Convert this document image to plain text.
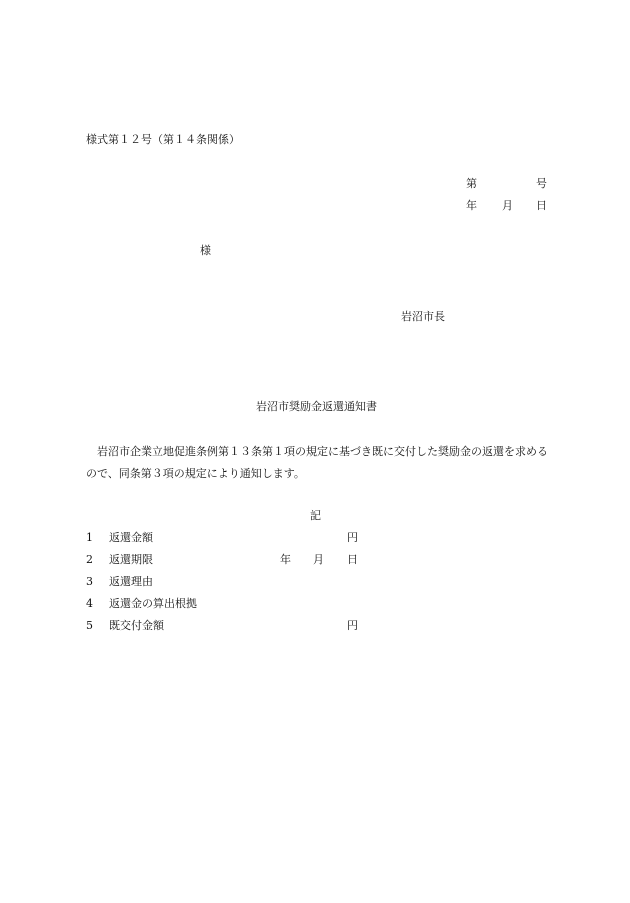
様式第１２号（第１４条関係）
第	号
年 月 日
様
岩沼市長
岩沼市奨励金返還通知書
岩沼市企業立地促進条例第１３条第１項の規定に基づき既に交付した奨励金の返還を求めるので、同条第３項の規定により通知します。
記
1 返還金額	円
2 返還期限	年 月 日
3 返還理由
4 返還金の算出根拠
5 既交付金額	円
